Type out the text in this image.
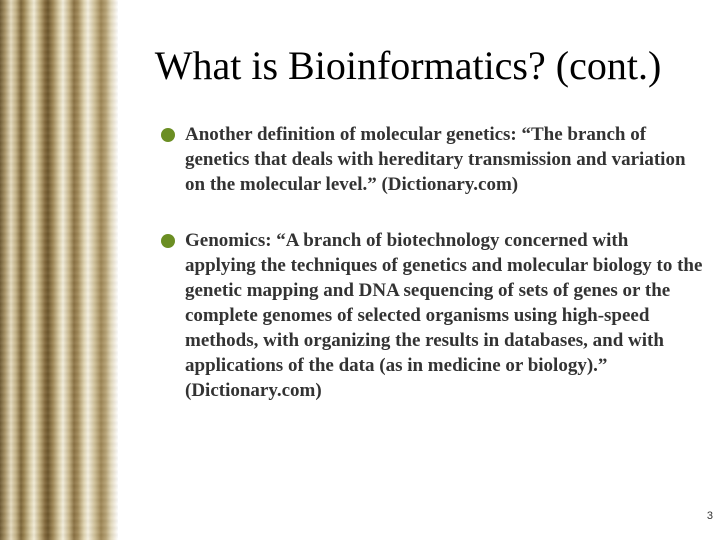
What is Bioinformatics? (cont.)
Another definition of molecular genetics: “The branch of genetics that deals with hereditary transmission and variation on the molecular level.” (Dictionary.com)
Genomics: “A branch of biotechnology concerned with applying the techniques of genetics and molecular biology to the genetic mapping and DNA sequencing of sets of genes or the complete genomes of selected organisms using high-speed methods, with organizing the results in databases, and with applications of the data (as in medicine or biology).” (Dictionary.com)
3
